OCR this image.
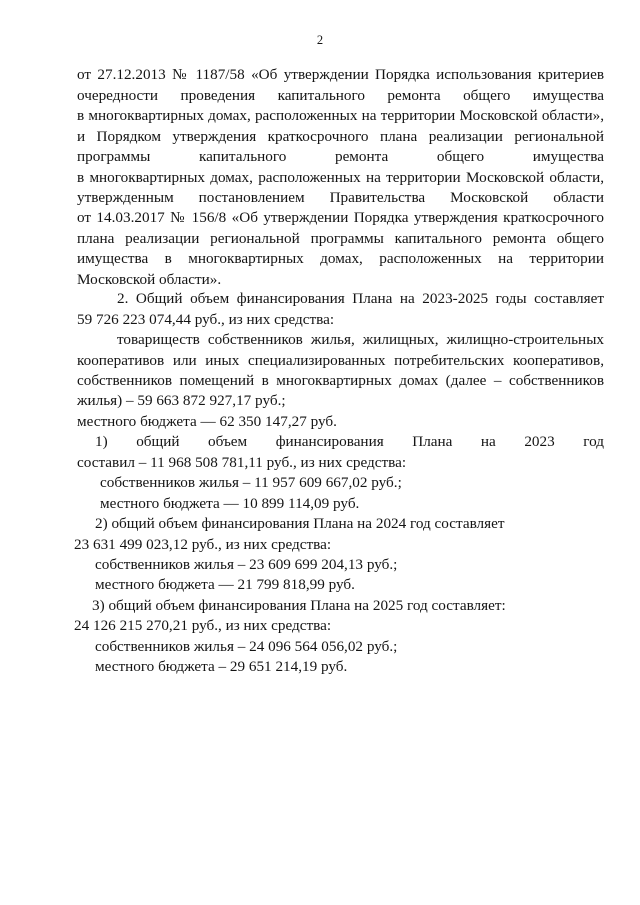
2
от 27.12.2013 № 1187/58 «Об утверждении Порядка использования критериев
очередности проведения капитального ремонта общего имущества
в многоквартирных домах, расположенных на территории Московской области»,
и Порядком утверждения краткосрочного плана реализации региональной
программы капитального ремонта общего имущества
в многоквартирных домах, расположенных на территории Московской области,
утвержденным постановлением Правительства Московской области
от 14.03.2017 № 156/8 «Об утверждении Порядка утверждения краткосрочного
плана реализации региональной программы капитального ремонта общего
имущества в многоквартирных домах, расположенных на территории
Московской области».
2. Общий объем финансирования Плана на 2023-2025 годы составляет
59 726 223 074,44 руб., из них средства:
товариществ собственников жилья, жилищных, жилищно-строительных
кооперативов или иных специализированных потребительских кооперативов,
собственников помещений в многоквартирных домах (далее – собственников
жилья) – 59 663 872 927,17 руб.;
местного бюджета — 62 350 147,27 руб.
1) общий объем финансирования Плана на 2023 год
составил – 11 968 508 781,11 руб., из них средства:
собственников жилья – 11 957 609 667,02 руб.;
местного бюджета — 10 899 114,09 руб.
2) общий объем финансирования Плана на 2024 год составляет
23 631 499 023,12 руб., из них средства:
собственников жилья – 23 609 699 204,13 руб.;
местного бюджета — 21 799 818,99 руб.
3) общий объем финансирования Плана на 2025 год составляет:
24 126 215 270,21 руб., из них средства:
собственников жилья – 24 096 564 056,02 руб.;
местного бюджета – 29 651 214,19 руб.
